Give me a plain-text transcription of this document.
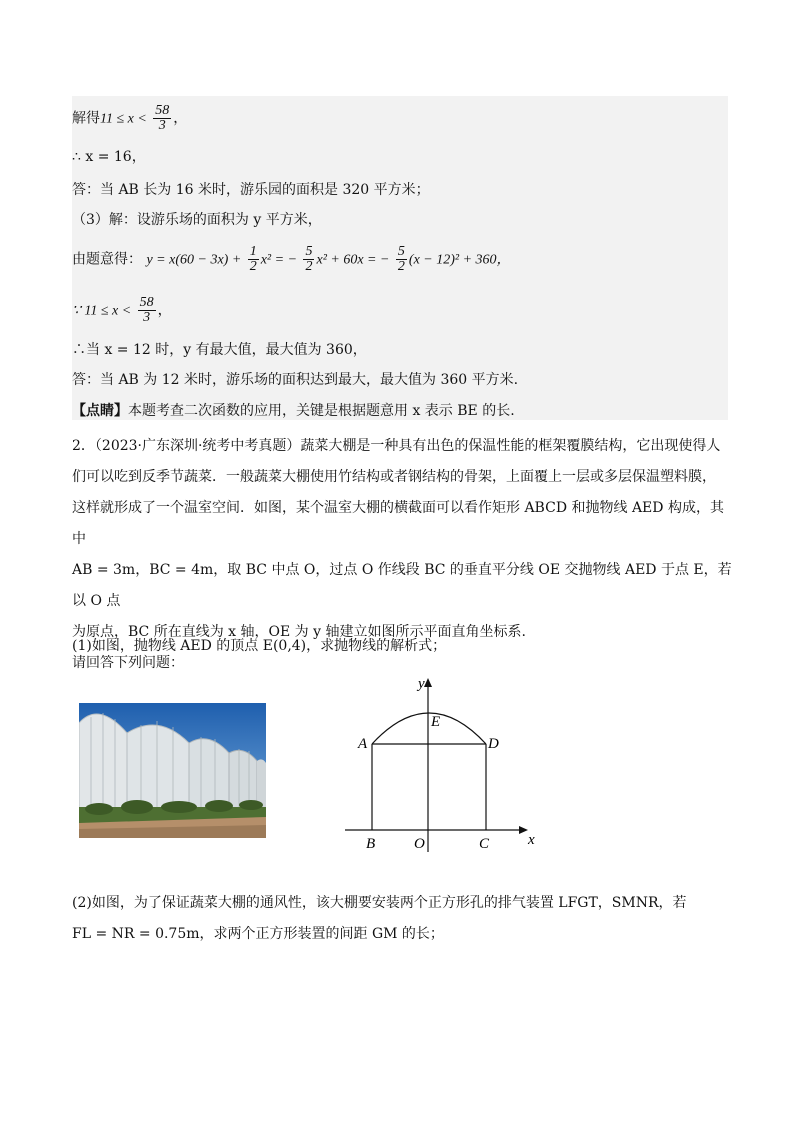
解得$11 \le x < \frac{58}{3}$ ，
∴ x = 16，
答：当 AB 长为 16 米时，游乐园的面积是 320 平方米；
（3）解：设游乐场的面积为 y 平方米，
由题意得： $y = x(60 - 3x) + \frac{1}{2} x^2$ = − $\frac{5}{2} x^2 + 60x$ = − $\frac{5}{2} (x - 12)^2 + 360$，
∵ $11 \le x < \frac{58}{3}$ ，
∴当 x = 12 时，y 有最大值，最大值为 360，
答：当 AB 为 12 米时，游乐场的面积达到最大，最大值为 360 平方米.
【点睛】本题考查二次函数的应用，关键是根据题意用 x 表示 BE 的长.
2．（2023·广东深圳·统考中考真题）蔬菜大棚是一种具有出色的保温性能的框架覆膜结构，它出现使得人
们可以吃到反季节蔬菜．一般蔬菜大棚使用竹结构或者钢结构的骨架，上面覆上一层或多层保温塑料膜，
这样就形成了一个温室空间．如图，某个温室大棚的横截面可以看作矩形 ABCD 和抛物线 AED 构成，其中
AB = 3m，BC = 4m，取 BC 中点 O，过点 O 作线段 BC 的垂直平分线 OE 交抛物线 AED 于点 E，若以 O 点
为原点，BC 所在直线为 x 轴，OE 为 y 轴建立如图所示平面直角坐标系.
请回答下列问题：
(1)如图，抛物线 AED 的顶点 E(0,4)，求抛物线的解析式；
y
x
A	D
E
B	O	C
(2)如图，为了保证蔬菜大棚的通风性，该大棚要安装两个正方形孔的排气装置 LFGT，SMNR，若
FL = NR = 0.75m，求两个正方形装置的间距 GM 的长；
